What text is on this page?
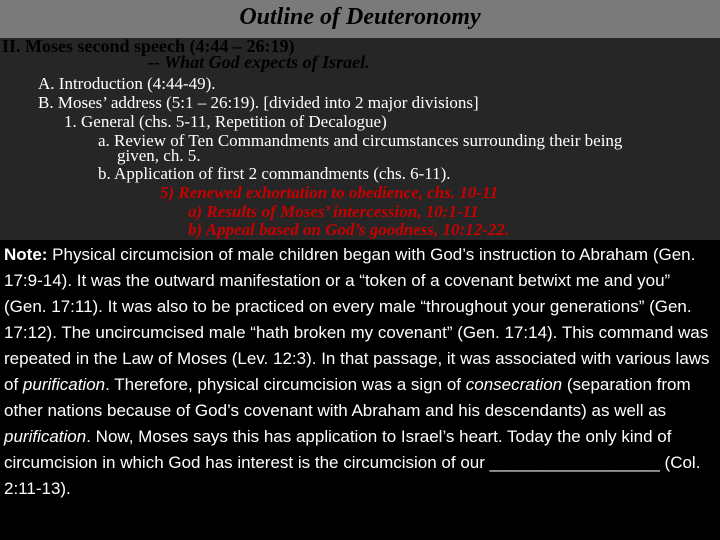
Outline of Deuteronomy
II. Moses second speech (4:44 – 26:19)
-- What God expects of Israel.
A. Introduction (4:44-49).
B. Moses’ address (5:1 – 26:19). [divided into 2 major divisions]
1. General (chs. 5-11, Repetition of Decalogue)
a. Review of Ten Commandments and circumstances surrounding their being
given, ch. 5.
b. Application of first 2 commandments (chs. 6-11).
5) Renewed exhortation to obedience, chs. 10-11
a) Results of Moses’ intercession, 10:1-11
b) Appeal based on God’s goodness, 10:12-22.
Note: Physical circumcision of male children began with God’s instruction to Abraham (Gen. 17:9-14). It was the outward manifestation or a “token of a covenant betwixt me and you” (Gen. 17:11). It was also to be practiced on every male “throughout your generations” (Gen. 17:12). The uncircumcised male “hath broken my covenant” (Gen. 17:14). This command was repeated in the Law of Moses (Lev. 12:3). In that passage, it was associated with various laws of purification. Therefore, physical circumcision was a sign of consecration (separation from other nations because of God’s covenant with Abraham and his descendants) as well as purification. Now, Moses says this has application to Israel’s heart. Today the only kind of circumcision in which God has interest is the circumcision of our __________________ (Col. 2:11-13).
